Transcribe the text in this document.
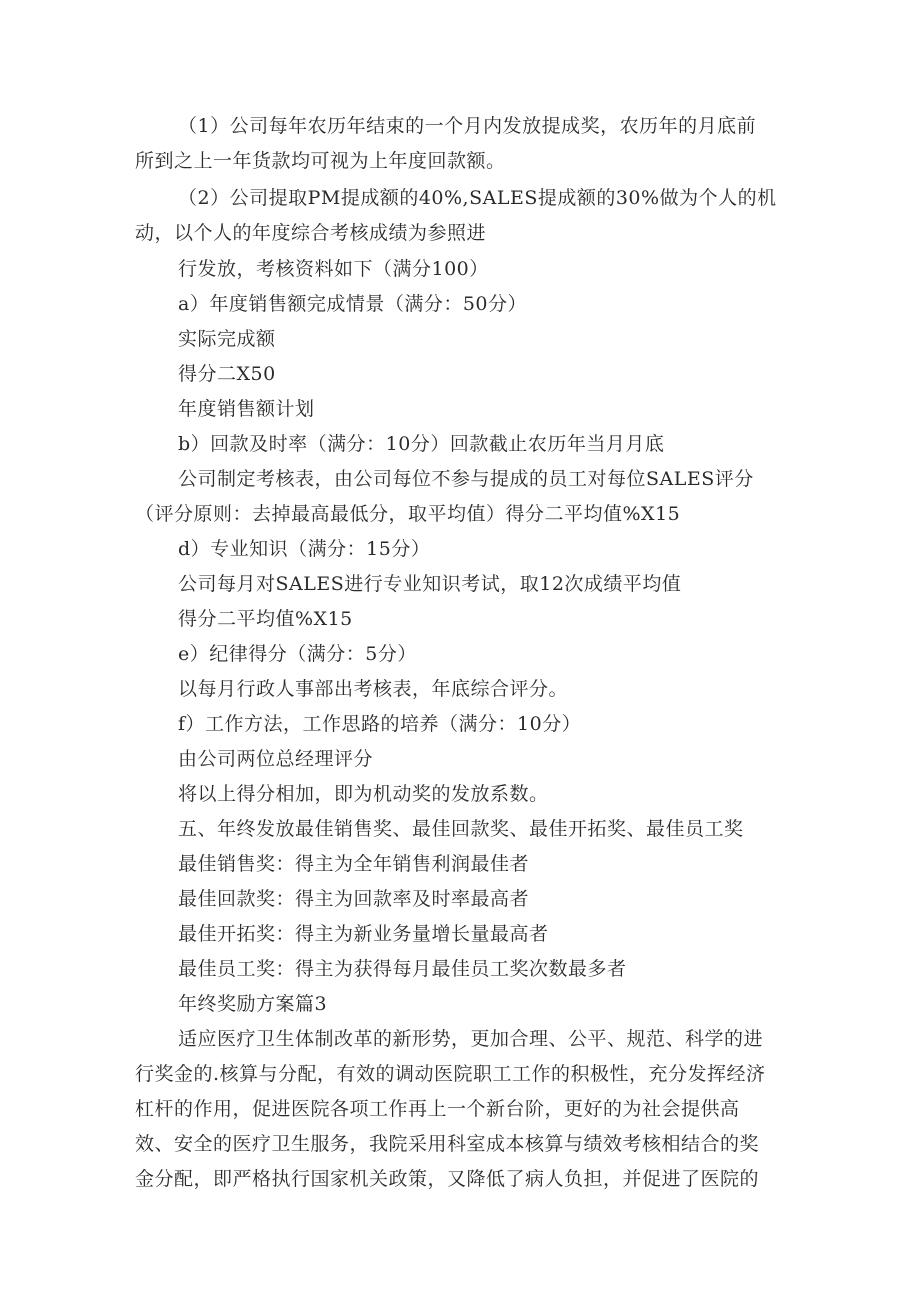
（1）公司每年农历年结束的一个月内发放提成奖，农历年的月底前
所到之上一年货款均可视为上年度回款额。
（2）公司提取PM提成额的40%,SALES提成额的30%做为个人的机
动，以个人的年度综合考核成绩为参照进
行发放，考核资料如下（满分100）
a）年度销售额完成情景（满分：50分）
实际完成额
得分二X50
年度销售额计划
b）回款及时率（满分：10分）回款截止农历年当月月底
公司制定考核表，由公司每位不参与提成的员工对每位SALES评分
（评分原则：去掉最高最低分，取平均值）得分二平均值%X15
d）专业知识（满分：15分）
公司每月对SALES进行专业知识考试，取12次成绩平均值
得分二平均值%X15
e）纪律得分（满分：5分）
以每月行政人事部出考核表，年底综合评分。
f）工作方法，工作思路的培养（满分：10分）
由公司两位总经理评分
将以上得分相加，即为机动奖的发放系数。
五、年终发放最佳销售奖、最佳回款奖、最佳开拓奖、最佳员工奖
最佳销售奖：得主为全年销售利润最佳者
最佳回款奖：得主为回款率及时率最高者
最佳开拓奖：得主为新业务量增长量最高者
最佳员工奖：得主为获得每月最佳员工奖次数最多者
年终奖励方案篇3
适应医疗卫生体制改革的新形势，更加合理、公平、规范、科学的进
行奖金的.核算与分配，有效的调动医院职工工作的积极性，充分发挥经济
杠杆的作用，促进医院各项工作再上一个新台阶，更好的为社会提供高
效、安全的医疗卫生服务，我院采用科室成本核算与绩效考核相结合的奖
金分配，即严格执行国家机关政策，又降低了病人负担，并促进了医院的
